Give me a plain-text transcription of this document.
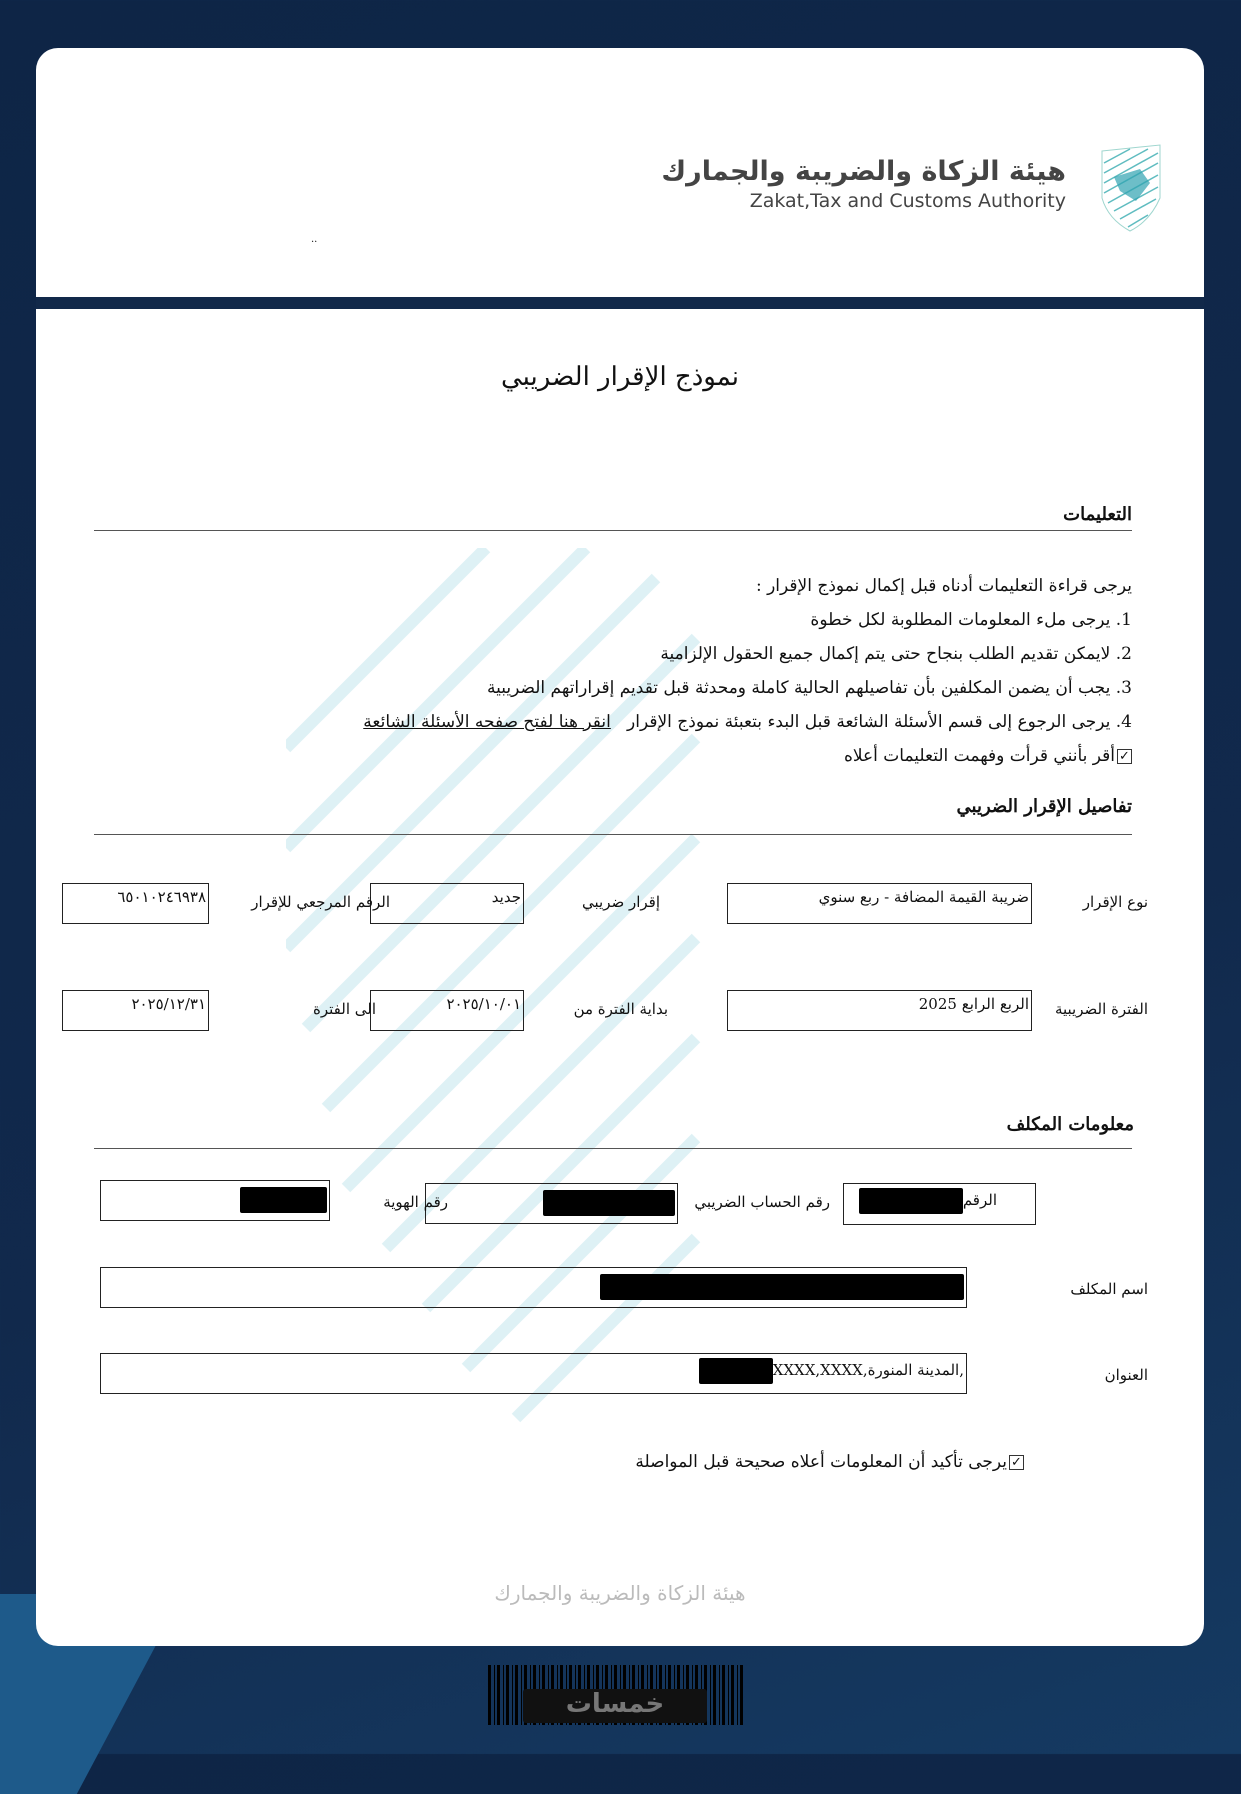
هيئة الزكاة والضريبة والجمارك
Zakat,Tax and Customs Authority
..
نموذج الإقرار الضريبي
التعليمات
يرجى قراءة التعليمات أدناه قبل إكمال نموذج الإقرار :
1. يرجى ملء المعلومات المطلوبة لكل خطوة
2. لايمكن تقديم الطلب بنجاح حتى يتم إكمال جميع الحقول الإلزامية
3. يجب أن يضمن المكلفين بأن تفاصيلهم الحالية كاملة ومحدثة قبل تقديم إقراراتهم الضريبية
4. يرجى الرجوع إلى قسم الأسئلة الشائعة قبل البدء بتعبئة نموذج الإقرار   انقر هنا لفتح صفحه الأسئلة الشائعة
✓أقر بأنني قرأت وفهمت التعليمات أعلاه
تفاصيل الإقرار الضريبي
نوع الإقرار
ضريبة القيمة المضافة - ربع سنوي
إقرار ضريبي
جديد
الرقم المرجعي للإقرار
٦٥٠١٠٢٤٦٩٣٨
الفترة الضريبية
الربع الرابع 2025
بداية الفترة من
٢٠٢٥/١٠/٠١
الى الفترة
٢٠٢٥/١٢/٣١
معلومات المكلف
الرقم
رقم الحساب الضريبي
رقم الهوية
اسم المكلف
العنوان
XXXX,XXXX,المدينة المنورة,
✓يرجى تأكيد أن المعلومات أعلاه صحيحة قبل المواصلة
هيئة الزكاة والضريبة والجمارك
خمسات
